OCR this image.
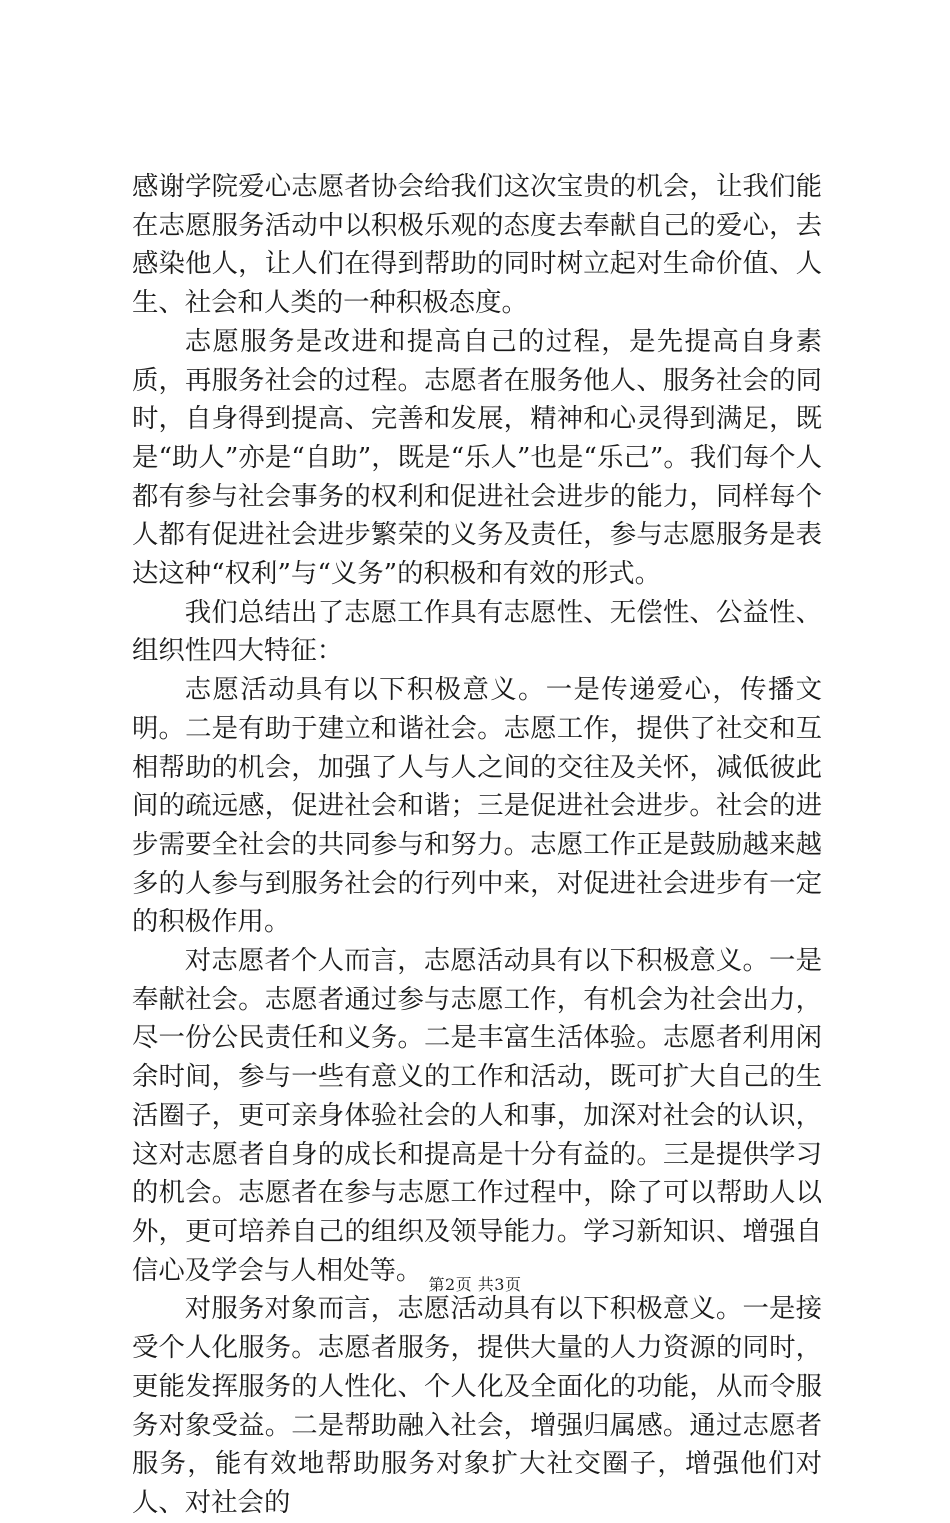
感谢学院爱心志愿者协会给我们这次宝贵的机会，让我们能在志愿服务活动中以积极乐观的态度去奉献自己的爱心，去感染他人，让人们在得到帮助的同时树立起对生命价值、人生、社会和人类的一种积极态度。

志愿服务是改进和提高自己的过程，是先提高自身素质，再服务社会的过程。志愿者在服务他人、服务社会的同时，自身得到提高、完善和发展，精神和心灵得到满足，既是“助人”亦是“自助”，既是“乐人”也是“乐己”。我们每个人都有参与社会事务的权利和促进社会进步的能力，同样每个人都有促进社会进步繁荣的义务及责任，参与志愿服务是表达这种“权利”与“义务”的积极和有效的形式。

我们总结出了志愿工作具有志愿性、无偿性、公益性、组织性四大特征：

志愿活动具有以下积极意义。一是传递爱心，传播文明。二是有助于建立和谐社会。志愿工作，提供了社交和互相帮助的机会，加强了人与人之间的交往及关怀，减低彼此间的疏远感，促进社会和谐；三是促进社会进步。社会的进步需要全社会的共同参与和努力。志愿工作正是鼓励越来越多的人参与到服务社会的行列中来，对促进社会进步有一定的积极作用。

对志愿者个人而言，志愿活动具有以下积极意义。一是奉献社会。志愿者通过参与志愿工作，有机会为社会出力，尽一份公民责任和义务。二是丰富生活体验。志愿者利用闲余时间，参与一些有意义的工作和活动，既可扩大自己的生活圈子，更可亲身体验社会的人和事，加深对社会的认识，这对志愿者自身的成长和提高是十分有益的。三是提供学习的机会。志愿者在参与志愿工作过程中，除了可以帮助人以外，更可培养自己的组织及领导能力。学习新知识、增强自信心及学会与人相处等。

对服务对象而言，志愿活动具有以下积极意义。一是接受个人化服务。志愿者服务，提供大量的人力资源的同时，更能发挥服务的人性化、个人化及全面化的功能，从而令服务对象受益。二是帮助融入社会，增强归属感。通过志愿者服务，能有效地帮助服务对象扩大社交圈子，增强他们对人、对社会的

第2页 共3页
